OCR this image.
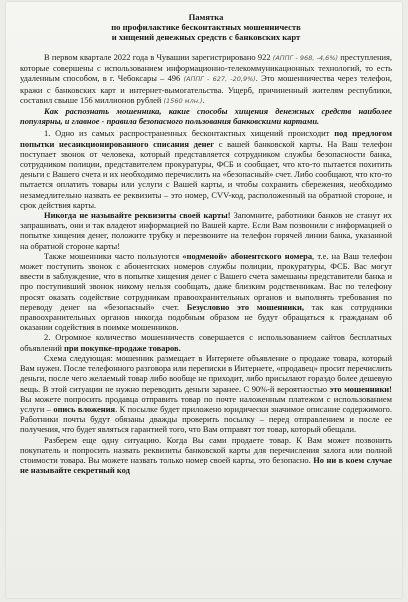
Памятка
по профилактике бесконтактных мошенничеств
и хищений денежных средств с банковских карт

В первом квартале 2022 года в Чувашии зарегистрировано 922 (АППГ - 968, -4,6%) преступления, которые совершены с использованием информационно-телекоммуникационных технологий, то есть удаленным способом, в г. Чебоксары – 496 (АППГ - 627, -20,9%). Это мошенничества через телефон, кражи с банковских карт и интернет-вымогательства. Ущерб, причиненный жителям республики, составил свыше 156 миллионов рублей (1560 млн.).

Как распознать мошенника, какие способы хищения денежных средств наиболее популярны, и главное - правила безопасного пользования банковскими картами.

1. Одно из самых распространенных бесконтактных хищений происходит под предлогом попытки несанкционированного списания денег с вашей банковской карты. На Ваш телефон поступает звонок от человека, который представляется сотрудником службы безопасности банка, сотрудником полиции, представителем прокуратуры, ФСБ и сообщает, что кто-то пытается похитить деньги с Вашего счета и их необходимо перечислить на «безопасный» счет. Либо сообщают, что кто-то пытается оплатить товары или услуги с Вашей карты, и чтобы сохранить сбережения, необходимо незамедлительно назвать ее реквизиты – это номер, CVV-код, расположенный на обратной стороне, и срок действия карты.

Никогда не называйте реквизиты своей карты! Запомните, работники банков не станут их запрашивать, они и так владеют информацией по Вашей карте. Если Вам позвонили с информацией о попытке хищения денег, положите трубку и перезвоните на телефон горячей линии банка, указанной на обратной стороне карты!

Также мошенники часто пользуются «подменой» абонентского номера, т.е. на Ваш телефон может поступить звонок с абонентских номеров службы полиции, прокуратуры, ФСБ. Вас могут ввести в заблуждение, что в попытке хищения денег с Вашего счета замешаны представители банка и про поступивший звонок никому нельзя сообщать, даже близким родственникам. Вас по телефону просят оказать содействие сотрудникам правоохранительных органов и выполнять требования по переводу денег на «безопасный» счет. Безусловно это мошенники, так как сотрудники правоохранительных органов никогда подобным образом не будут обращаться к гражданам об оказании содействия в поимке мошенников.

2. Огромное количество мошенничеств совершается с использованием сайтов бесплатных объявлений при покупке-продаже товаров.

Схема следующая: мошенник размещает в Интернете объявление о продаже товара, который Вам нужен. После телефонного разговора или переписки в Интернете, «продавец» просит перечислить деньги, после чего желаемый товар либо вообще не приходит, либо присылают гораздо более дешевую вещь. В этой ситуации не нужно переводить деньги заранее. С 90%-й вероятностью это мошенники! Вы можете попросить продавца отправить товар по почте наложенным платежом с использованием услуги – опись вложения. К посылке будет приложено юридически значимое описание содержимого. Работники почты будут обязаны дважды проверить посылку – перед отправлением и после ее получения, что будет являться гарантией того, что Вам отправят тот товар, который обещали.

Разберем еще одну ситуацию. Когда Вы сами продаете товар. К Вам может позвонить покупатель и попросить назвать реквизиты банковской карты для перечисления залога или полной стоимости товара. Вы можете назвать только номер своей карты, это безопасно. Но ни в коем случае не называйте секретный код
